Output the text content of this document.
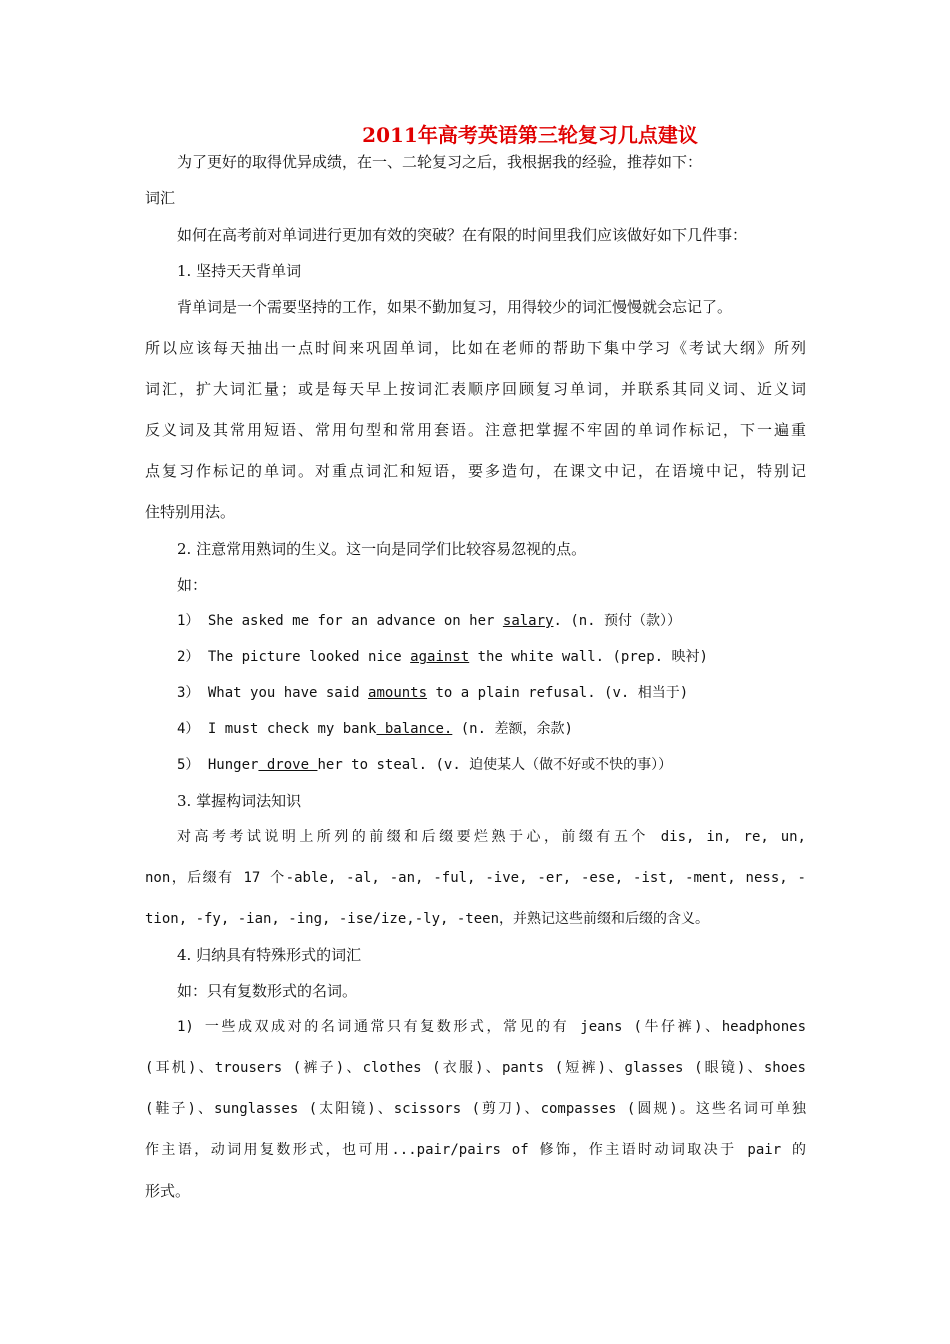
2011年高考英语第三轮复习几点建议
为了更好的取得优异成绩，在一、二轮复习之后，我根据我的经验，推荐如下：
词汇
如何在高考前对单词进行更加有效的突破？在有限的时间里我们应该做好如下几件事：
1. 坚持天天背单词
背单词是一个需要坚持的工作，如果不勤加复习，用得较少的词汇慢慢就会忘记了。
所以应该每天抽出一点时间来巩固单词，比如在老师的帮助下集中学习《考试大纲》所列
词汇，扩大词汇量；或是每天早上按词汇表顺序回顾复习单词，并联系其同义词、近义词
反义词及其常用短语、常用句型和常用套语。注意把掌握不牢固的单词作标记，下一遍重
点复习作标记的单词。对重点词汇和短语，要多造句，在课文中记，在语境中记，特别记
住特别用法。
2. 注意常用熟词的生义。这一向是同学们比较容易忽视的点。
如：
1） She asked me for an advance on her salary. (n. 预付（款））
2） The picture looked nice against the white wall. (prep. 映衬)
3） What you have said amounts to a plain refusal. (v. 相当于)
4） I must check my bank balance. (n. 差额，余款)
5） Hunger drove her to steal. (v. 迫使某人（做不好或不快的事））
3. 掌握构词法知识
对高考考试说明上所列的前缀和后缀要烂熟于心，前缀有五个 dis, in, re, un,
non，后缀有 17 个-able, -al, -an, -ful, -ive, -er, -ese, -ist, -ment, ness, -
tion, -fy, -ian, -ing, -ise/ize,-ly, -teen，并熟记这些前缀和后缀的含义。
4. 归纳具有特殊形式的词汇
如：只有复数形式的名词。
1) 一些成双成对的名词通常只有复数形式，常见的有 jeans (牛仔裤)、headphones
(耳机)、trousers (裤子)、clothes (衣服)、pants (短裤)、glasses (眼镜)、shoes
(鞋子)、sunglasses (太阳镜)、scissors (剪刀)、compasses (圆规)。这些名词可单独
作主语，动词用复数形式，也可用...pair/pairs of 修饰，作主语时动词取决于 pair 的
形式。
